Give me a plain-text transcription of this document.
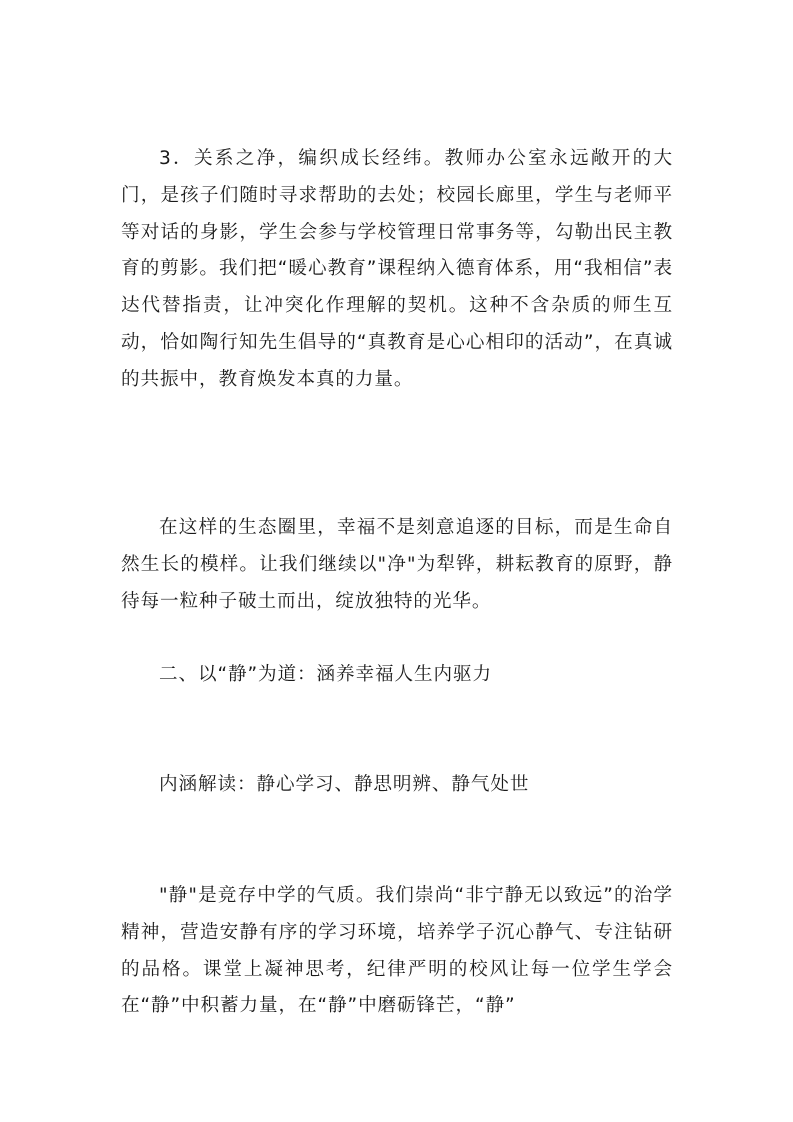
3．关系之净，编织成长经纬。教师办公室永远敞开的大门，是孩子们随时寻求帮助的去处；校园长廊里，学生与老师平等对话的身影，学生会参与学校管理日常事务等，勾勒出民主教育的剪影。我们把“暖心教育”课程纳入德育体系，用“我相信”表达代替指责，让冲突化作理解的契机。这种不含杂质的师生互动，恰如陶行知先生倡导的“真教育是心心相印的活动”，在真诚的共振中，教育焕发本真的力量。

在这样的生态圈里，幸福不是刻意追逐的目标，而是生命自然生长的模样。让我们继续以"净"为犁铧，耕耘教育的原野，静待每一粒种子破土而出，绽放独特的光华。

二、以“静”为道：涵养幸福人生内驱力

内涵解读：静心学习、静思明辨、静气处世

"静"是竞存中学的气质。我们崇尚“非宁静无以致远”的治学精神，营造安静有序的学习环境，培养学子沉心静气、专注钻研的品格。课堂上凝神思考，纪律严明的校风让每一位学生学会在“静”中积蓄力量，在“静”中磨砺锋芒，“静”
